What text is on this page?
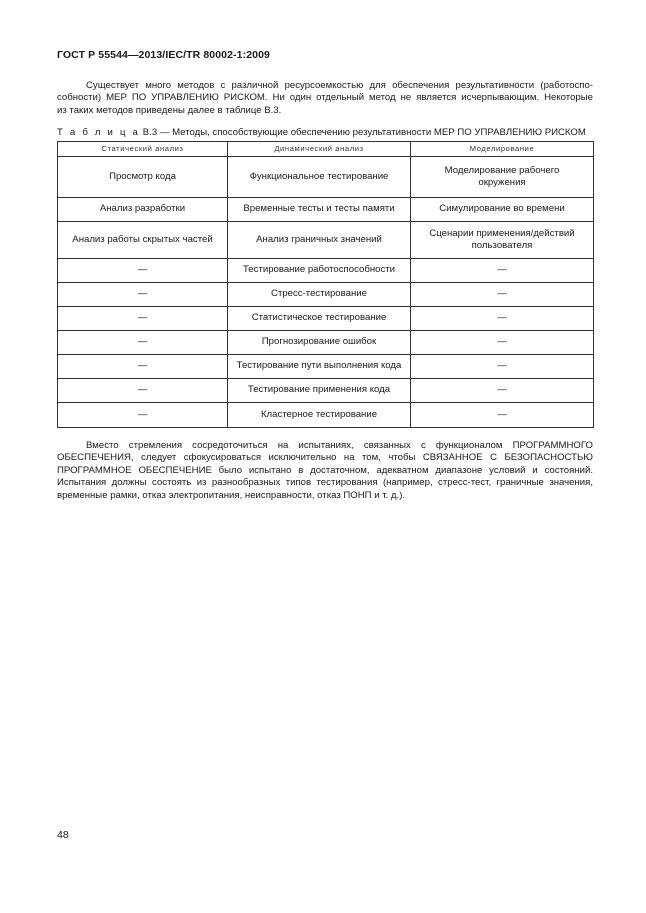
ГОСТ Р 55544—2013/IEC/TR 80002-1:2009
Существует много методов с различной ресурсоемкостью для обеспечения результативности (работоспо-
собности) МЕР ПО УПРАВЛЕНИЮ РИСКОМ. Ни один отдельный метод не является исчерпывающим. Некоторые
из таких методов приведены далее в таблице В.3.
Т а б л и ц а В.3 — Методы, способствующие обеспечению результативности МЕР ПО УПРАВЛЕНИЮ РИСКОМ
Статический анализ	Динамический анализ	Моделирование
Просмотр кода	Функциональное тестирование	Моделирование рабочего окружения
Анализ разработки	Временные тесты и тесты памяти	Симулирование во времени
Анализ работы скрытых частей	Анализ граничных значений	Сценарии применения/действий пользователя
—	Тестирование работоспособности	—
—	Стресс-тестирование	—
—	Статистическое тестирование	—
—	Прогнозирование ошибок	—
—	Тестирование пути выполнения кода	—
—	Тестирование применения кода	—
—	Кластерное тестирование	—
Вместо стремления сосредоточиться на испытаниях, связанных с функционалом ПРОГРАММНОГО
ОБЕСПЕЧЕНИЯ, следует сфокусироваться исключительно на том, чтобы СВЯЗАННОЕ С БЕЗОПАСНОСТЬЮ
ПРОГРАММНОЕ ОБЕСПЕЧЕНИЕ было испытано в достаточном, адекватном диапазоне условий и состояний.
Испытания должны состоять из разнообразных типов тестирования (например, стресс-тест, граничные значения,
временные рамки, отказ электропитания, неисправности, отказ ПОНП и т. д.).
48
